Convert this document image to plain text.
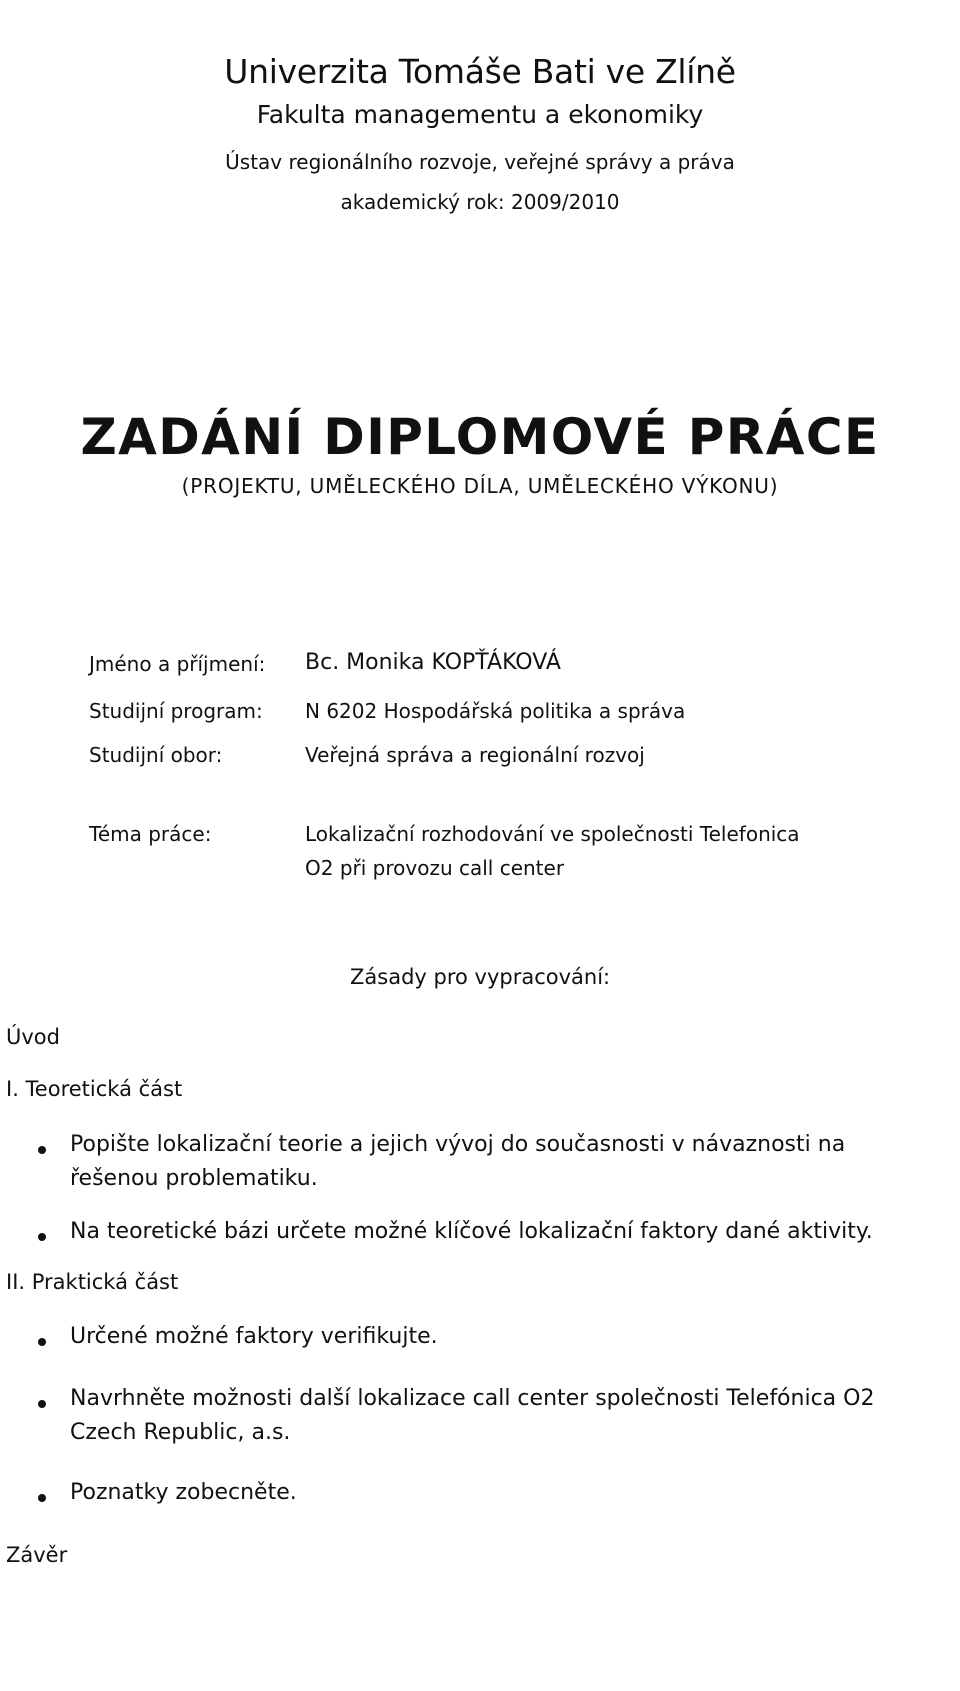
Univerzita Tomáše Bati ve Zlíně
Fakulta managementu a ekonomiky
Ústav regionálního rozvoje, veřejné správy a práva
akademický rok: 2009/2010
ZADÁNÍ DIPLOMOVÉ PRÁCE
(PROJEKTU, UMĚLECKÉHO DÍLA, UMĚLECKÉHO VÝKONU)
Jméno a příjmení: Bc. Monika KOPŤÁKOVÁ
Studijní program: N 6202 Hospodářská politika a správa
Studijní obor:	Veřejná správa a regionální rozvoj
Téma práce:	Lokalizační rozhodování ve společnosti Telefonica
O2 při provozu call center
Zásady pro vypracování:
Úvod
I. Teoretická část
Popište lokalizační teorie a jejich vývoj do současnosti v návaznosti na řešenou problematiku.
Na teoretické bázi určete možné klíčové lokalizační faktory dané aktivity.
II. Praktická část
Určené možné faktory verifikujte.
Navrhněte možnosti další lokalizace call center společnosti Telefónica O2 Czech Republic, a.s.
Poznatky zobecněte.
Závěr
